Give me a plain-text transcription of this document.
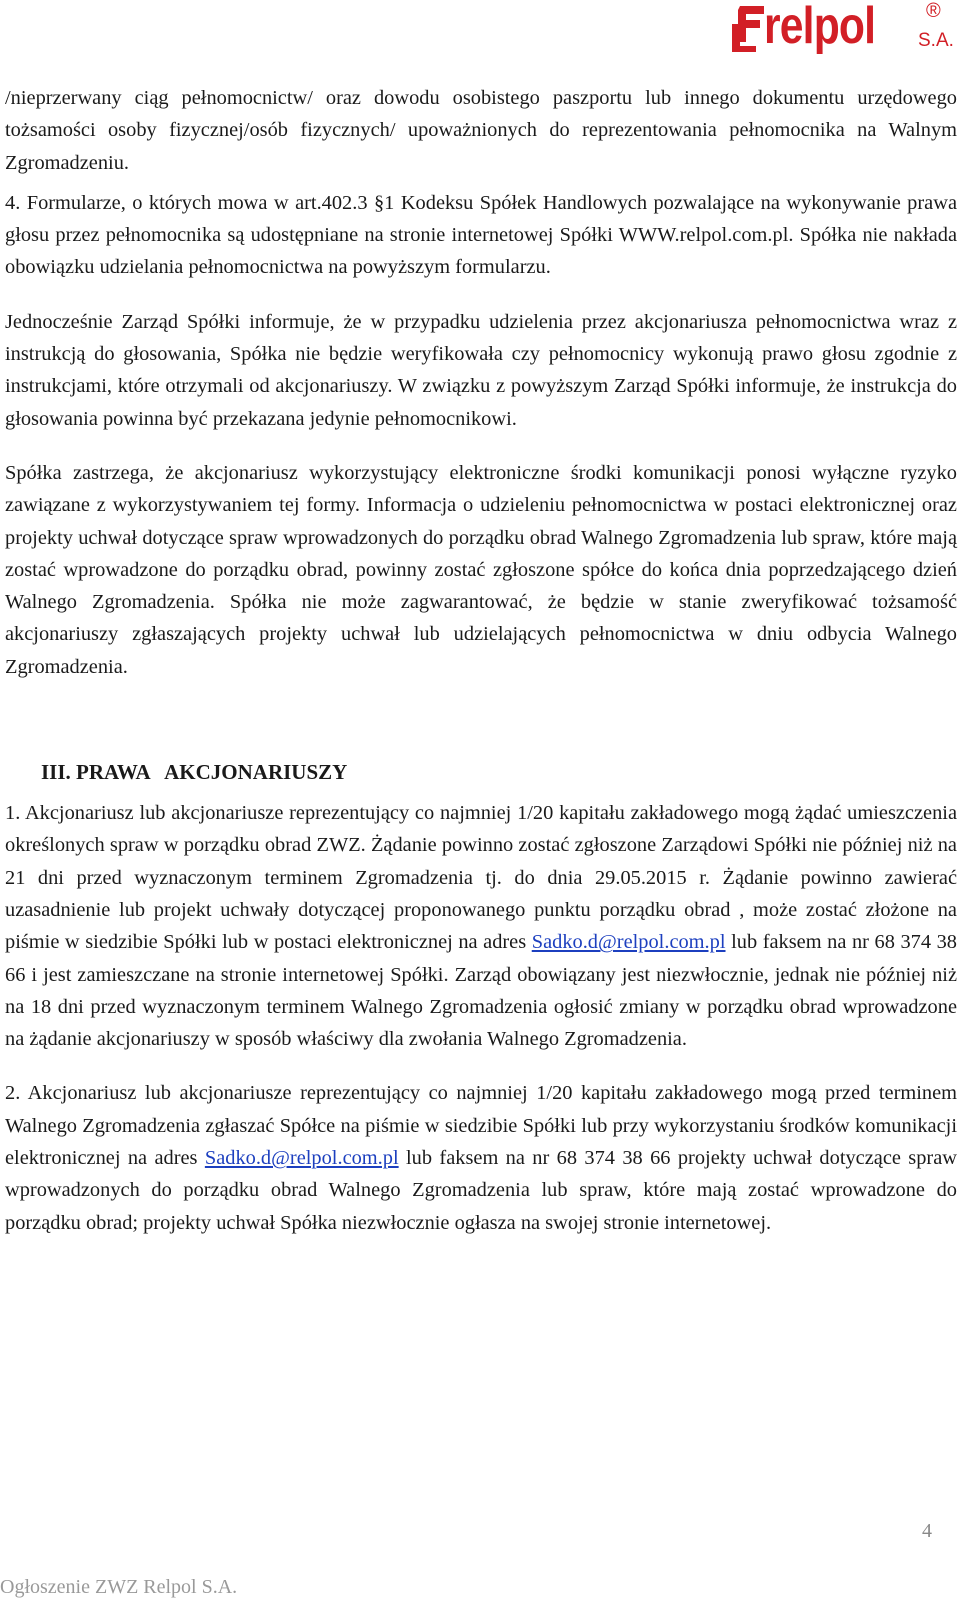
relpol	®
S.A.

/nieprzerwany ciąg pełnomocnictw/ oraz dowodu osobistego paszportu lub innego dokumentu urzędowego tożsamości osoby fizycznej/osób fizycznych/ upoważnionych do reprezentowania pełnomocnika na Walnym Zgromadzeniu.

4. Formularze, o których mowa w art.402.3 §1 Kodeksu Spółek Handlowych pozwalające na wykonywanie prawa głosu przez pełnomocnika są udostępniane na stronie internetowej Spółki WWW.relpol.com.pl. Spółka nie nakłada obowiązku udzielania pełnomocnictwa na powyższym formularzu.

Jednocześnie Zarząd Spółki informuje, że w przypadku udzielenia przez akcjonariusza pełnomocnictwa wraz z instrukcją do głosowania, Spółka nie będzie weryfikowała czy pełnomocnicy wykonują prawo głosu zgodnie z instrukcjami, które otrzymali od akcjonariuszy. W związku z powyższym Zarząd Spółki informuje, że instrukcja do głosowania powinna być przekazana jedynie pełnomocnikowi.

Spółka zastrzega, że akcjonariusz wykorzystujący elektroniczne środki komunikacji ponosi wyłączne ryzyko zawiązane z wykorzystywaniem tej formy. Informacja o udzieleniu pełnomocnictwa w postaci elektronicznej oraz projekty uchwał dotyczące spraw wprowadzonych do porządku obrad Walnego Zgromadzenia lub spraw, które mają zostać wprowadzone do porządku obrad, powinny zostać zgłoszone spółce do końca dnia poprzedzającego dzień Walnego Zgromadzenia. Spółka nie może zagwarantować, że będzie w stanie zweryfikować tożsamość akcjonariuszy zgłaszających projekty uchwał lub udzielających pełnomocnictwa w dniu odbycia Walnego Zgromadzenia.

III. PRAWA   AKCJONARIUSZY

1. Akcjonariusz lub akcjonariusze reprezentujący co najmniej 1/20 kapitału zakładowego mogą żądać umieszczenia określonych spraw w porządku obrad ZWZ. Żądanie powinno zostać zgłoszone Zarządowi Spółki nie później niż na 21 dni przed wyznaczonym terminem Zgromadzenia tj. do dnia 29.05.2015 r. Żądanie powinno zawierać uzasadnienie lub projekt uchwały dotyczącej proponowanego punktu porządku obrad , może zostać złożone na piśmie w siedzibie Spółki lub w postaci elektronicznej na adres Sadko.d@relpol.com.pl lub faksem na nr 68 374 38 66 i jest zamieszczane na stronie internetowej Spółki. Zarząd obowiązany jest niezwłocznie, jednak nie później niż na 18 dni przed wyznaczonym terminem Walnego Zgromadzenia ogłosić zmiany w porządku obrad wprowadzone na żądanie akcjonariuszy w sposób właściwy dla zwołania Walnego Zgromadzenia.

2. Akcjonariusz lub akcjonariusze reprezentujący co najmniej 1/20 kapitału zakładowego mogą przed terminem Walnego Zgromadzenia zgłaszać Spółce na piśmie w siedzibie Spółki lub przy wykorzystaniu środków komunikacji elektronicznej na adres Sadko.d@relpol.com.pl lub faksem na nr 68 374 38 66 projekty uchwał dotyczące spraw wprowadzonych do porządku obrad Walnego Zgromadzenia lub spraw, które mają zostać wprowadzone do porządku obrad; projekty uchwał Spółka niezwłocznie ogłasza na swojej stronie internetowej.

4
Ogłoszenie ZWZ Relpol S.A.
